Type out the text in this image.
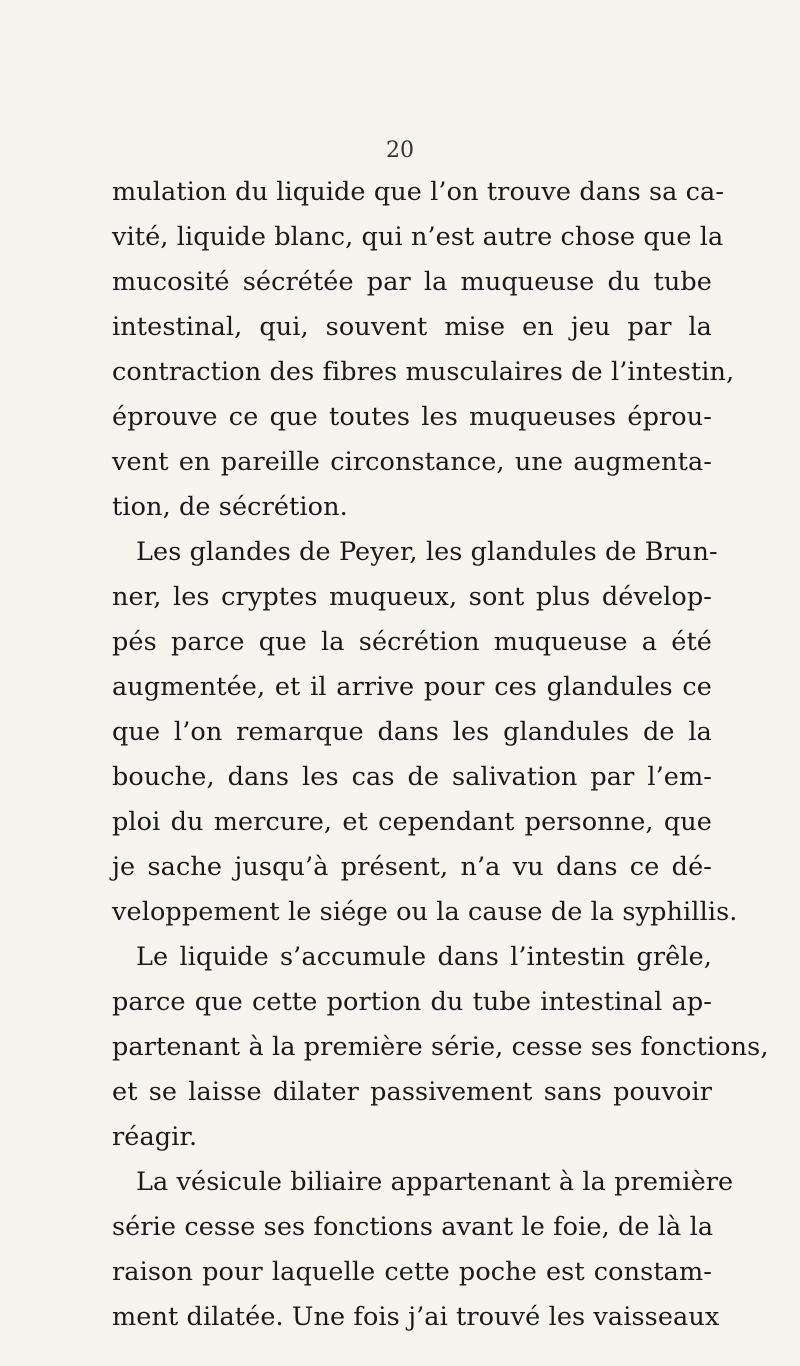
20
mulation du liquide que l’on trouve dans sa ca-
vité, liquide blanc, qui n’est autre chose que la
mucosité sécrétée par la muqueuse du tube
intestinal, qui, souvent mise en jeu par la
contraction des fibres musculaires de l’intestin,
éprouve ce que toutes les muqueuses éprou-
vent en pareille circonstance, une augmenta-
tion, de sécrétion.
Les glandes de Peyer, les glandules de Brun-
ner, les cryptes muqueux, sont plus dévelop-
pés parce que la sécrétion muqueuse a été
augmentée, et il arrive pour ces glandules ce
que l’on remarque dans les glandules de la
bouche, dans les cas de salivation par l’em-
ploi du mercure, et cependant personne, que
je sache jusqu’à présent, n’a vu dans ce dé-
veloppement le siége ou la cause de la syphillis.
Le liquide s’accumule dans l’intestin grêle,
parce que cette portion du tube intestinal ap-
partenant à la première série, cesse ses fonctions,
et se laisse dilater passivement sans pouvoir
réagir.
La vésicule biliaire appartenant à la première
série cesse ses fonctions avant le foie, de là la
raison pour laquelle cette poche est constam-
ment dilatée. Une fois j’ai trouvé les vaisseaux
